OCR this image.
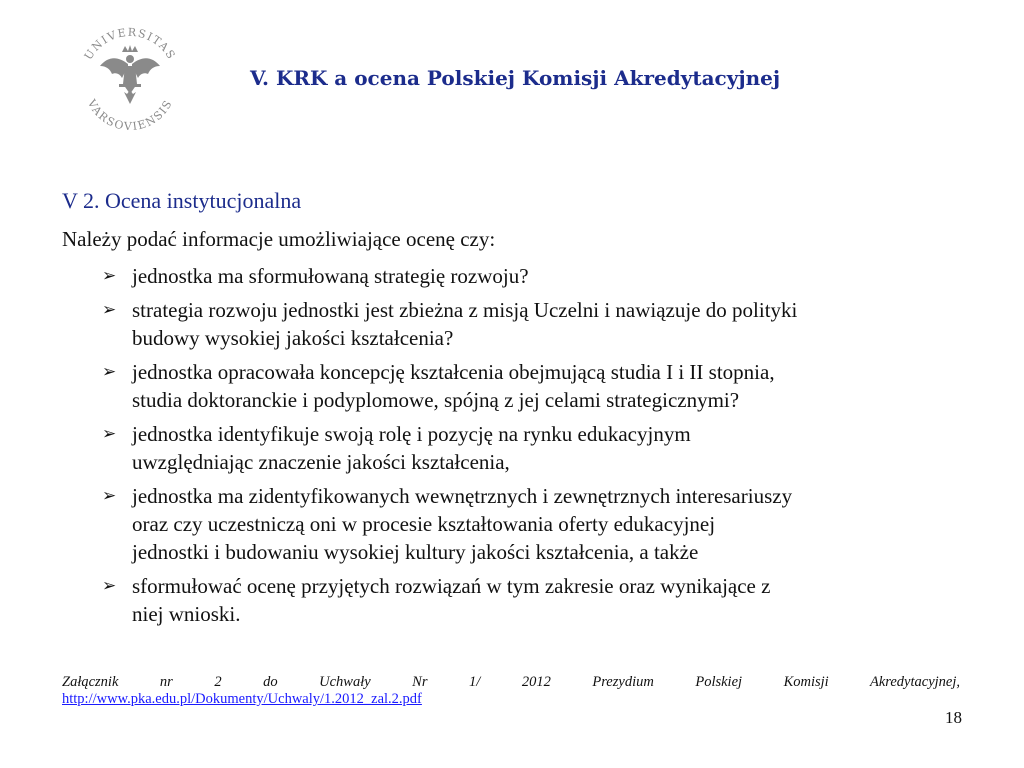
UNIVERSITAS
VARSOVIENSIS
V. KRK a ocena Polskiej Komisji Akredytacyjnej
V 2. Ocena instytucjonalna
Należy podać informacje umożliwiające ocenę czy:
➢ jednostka ma sformułowaną strategię rozwoju?
➢ strategia rozwoju jednostki jest zbieżna z misją Uczelni i nawiązuje do polityki
budowy wysokiej jakości kształcenia?
➢ jednostka opracowała koncepcję kształcenia obejmującą studia I i II stopnia,
studia doktoranckie i podyplomowe, spójną z jej celami strategicznymi?
➢ jednostka identyfikuje swoją rolę i pozycję na rynku edukacyjnym
uwzględniając znaczenie jakości kształcenia,
➢ jednostka ma zidentyfikowanych wewnętrznych i zewnętrznych interesariuszy
oraz czy uczestniczą oni w procesie kształtowania oferty edukacyjnej
jednostki i budowaniu wysokiej kultury jakości kształcenia, a także
➢ sformułować ocenę przyjętych rozwiązań w tym zakresie oraz wynikające z
niej wnioski.
Załącznik nr 2 do Uchwały Nr 1/ 2012 Prezydium Polskiej Komisji Akredytacyjnej,
http://www.pka.edu.pl/Dokumenty/Uchwaly/1.2012_zal.2.pdf
18
